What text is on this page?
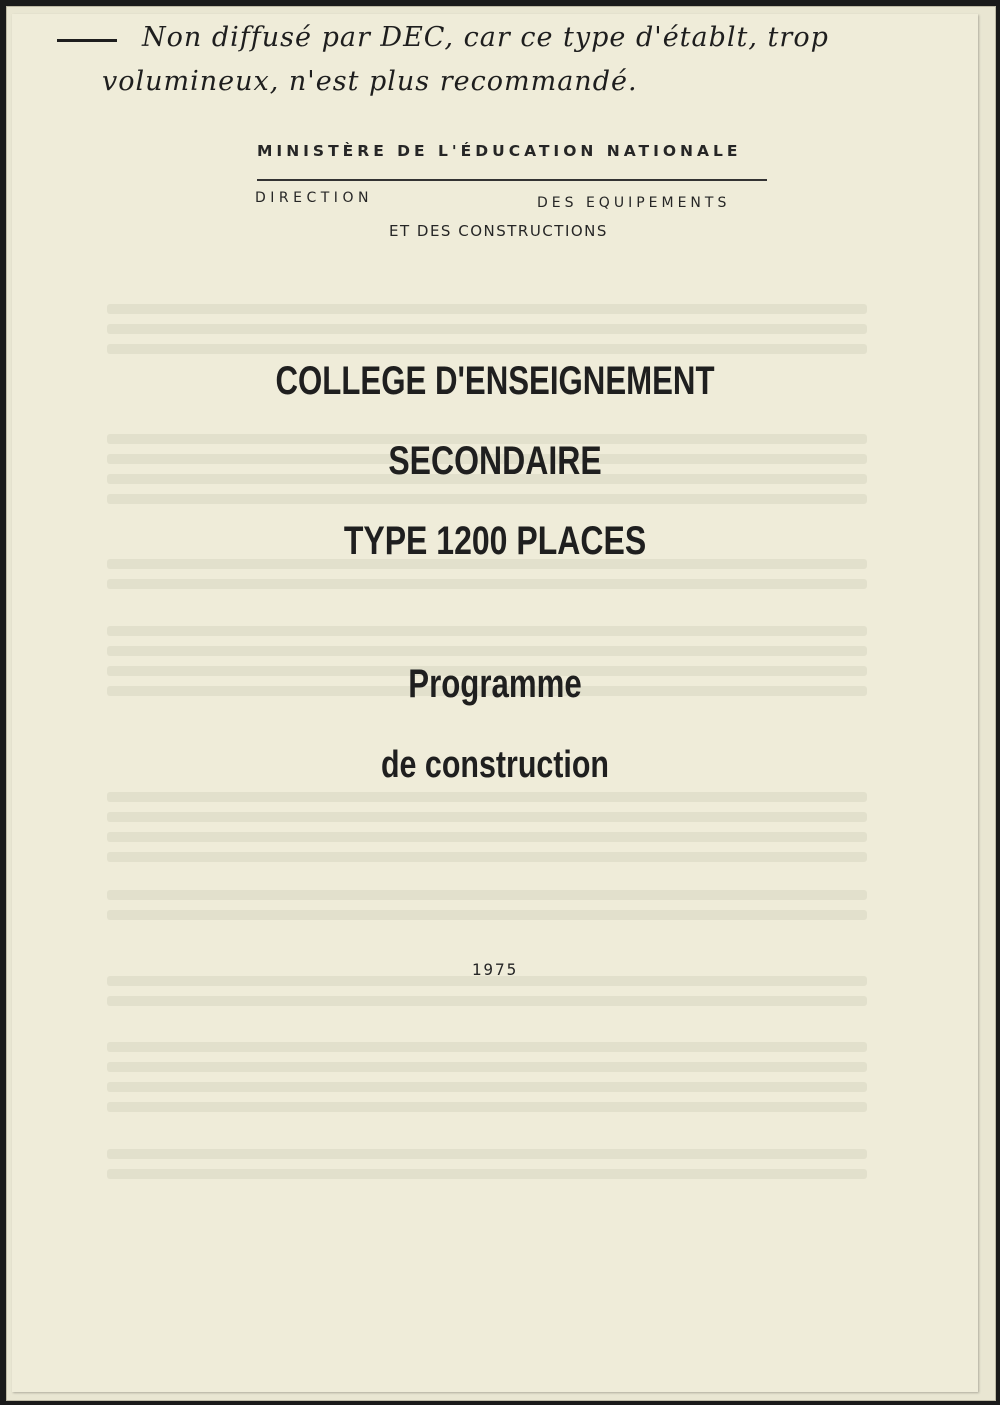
Non diffusé par DEC, car ce type d'établt, trop
volumineux, n'est plus recommandé.
MINISTÈRE DE L'ÉDUCATION NATIONALE
DIRECTION	DES EQUIPEMENTS
ET DES CONSTRUCTIONS
COLLEGE D'ENSEIGNEMENT
SECONDAIRE
TYPE 1200 PLACES
Programme
de construction
1975
